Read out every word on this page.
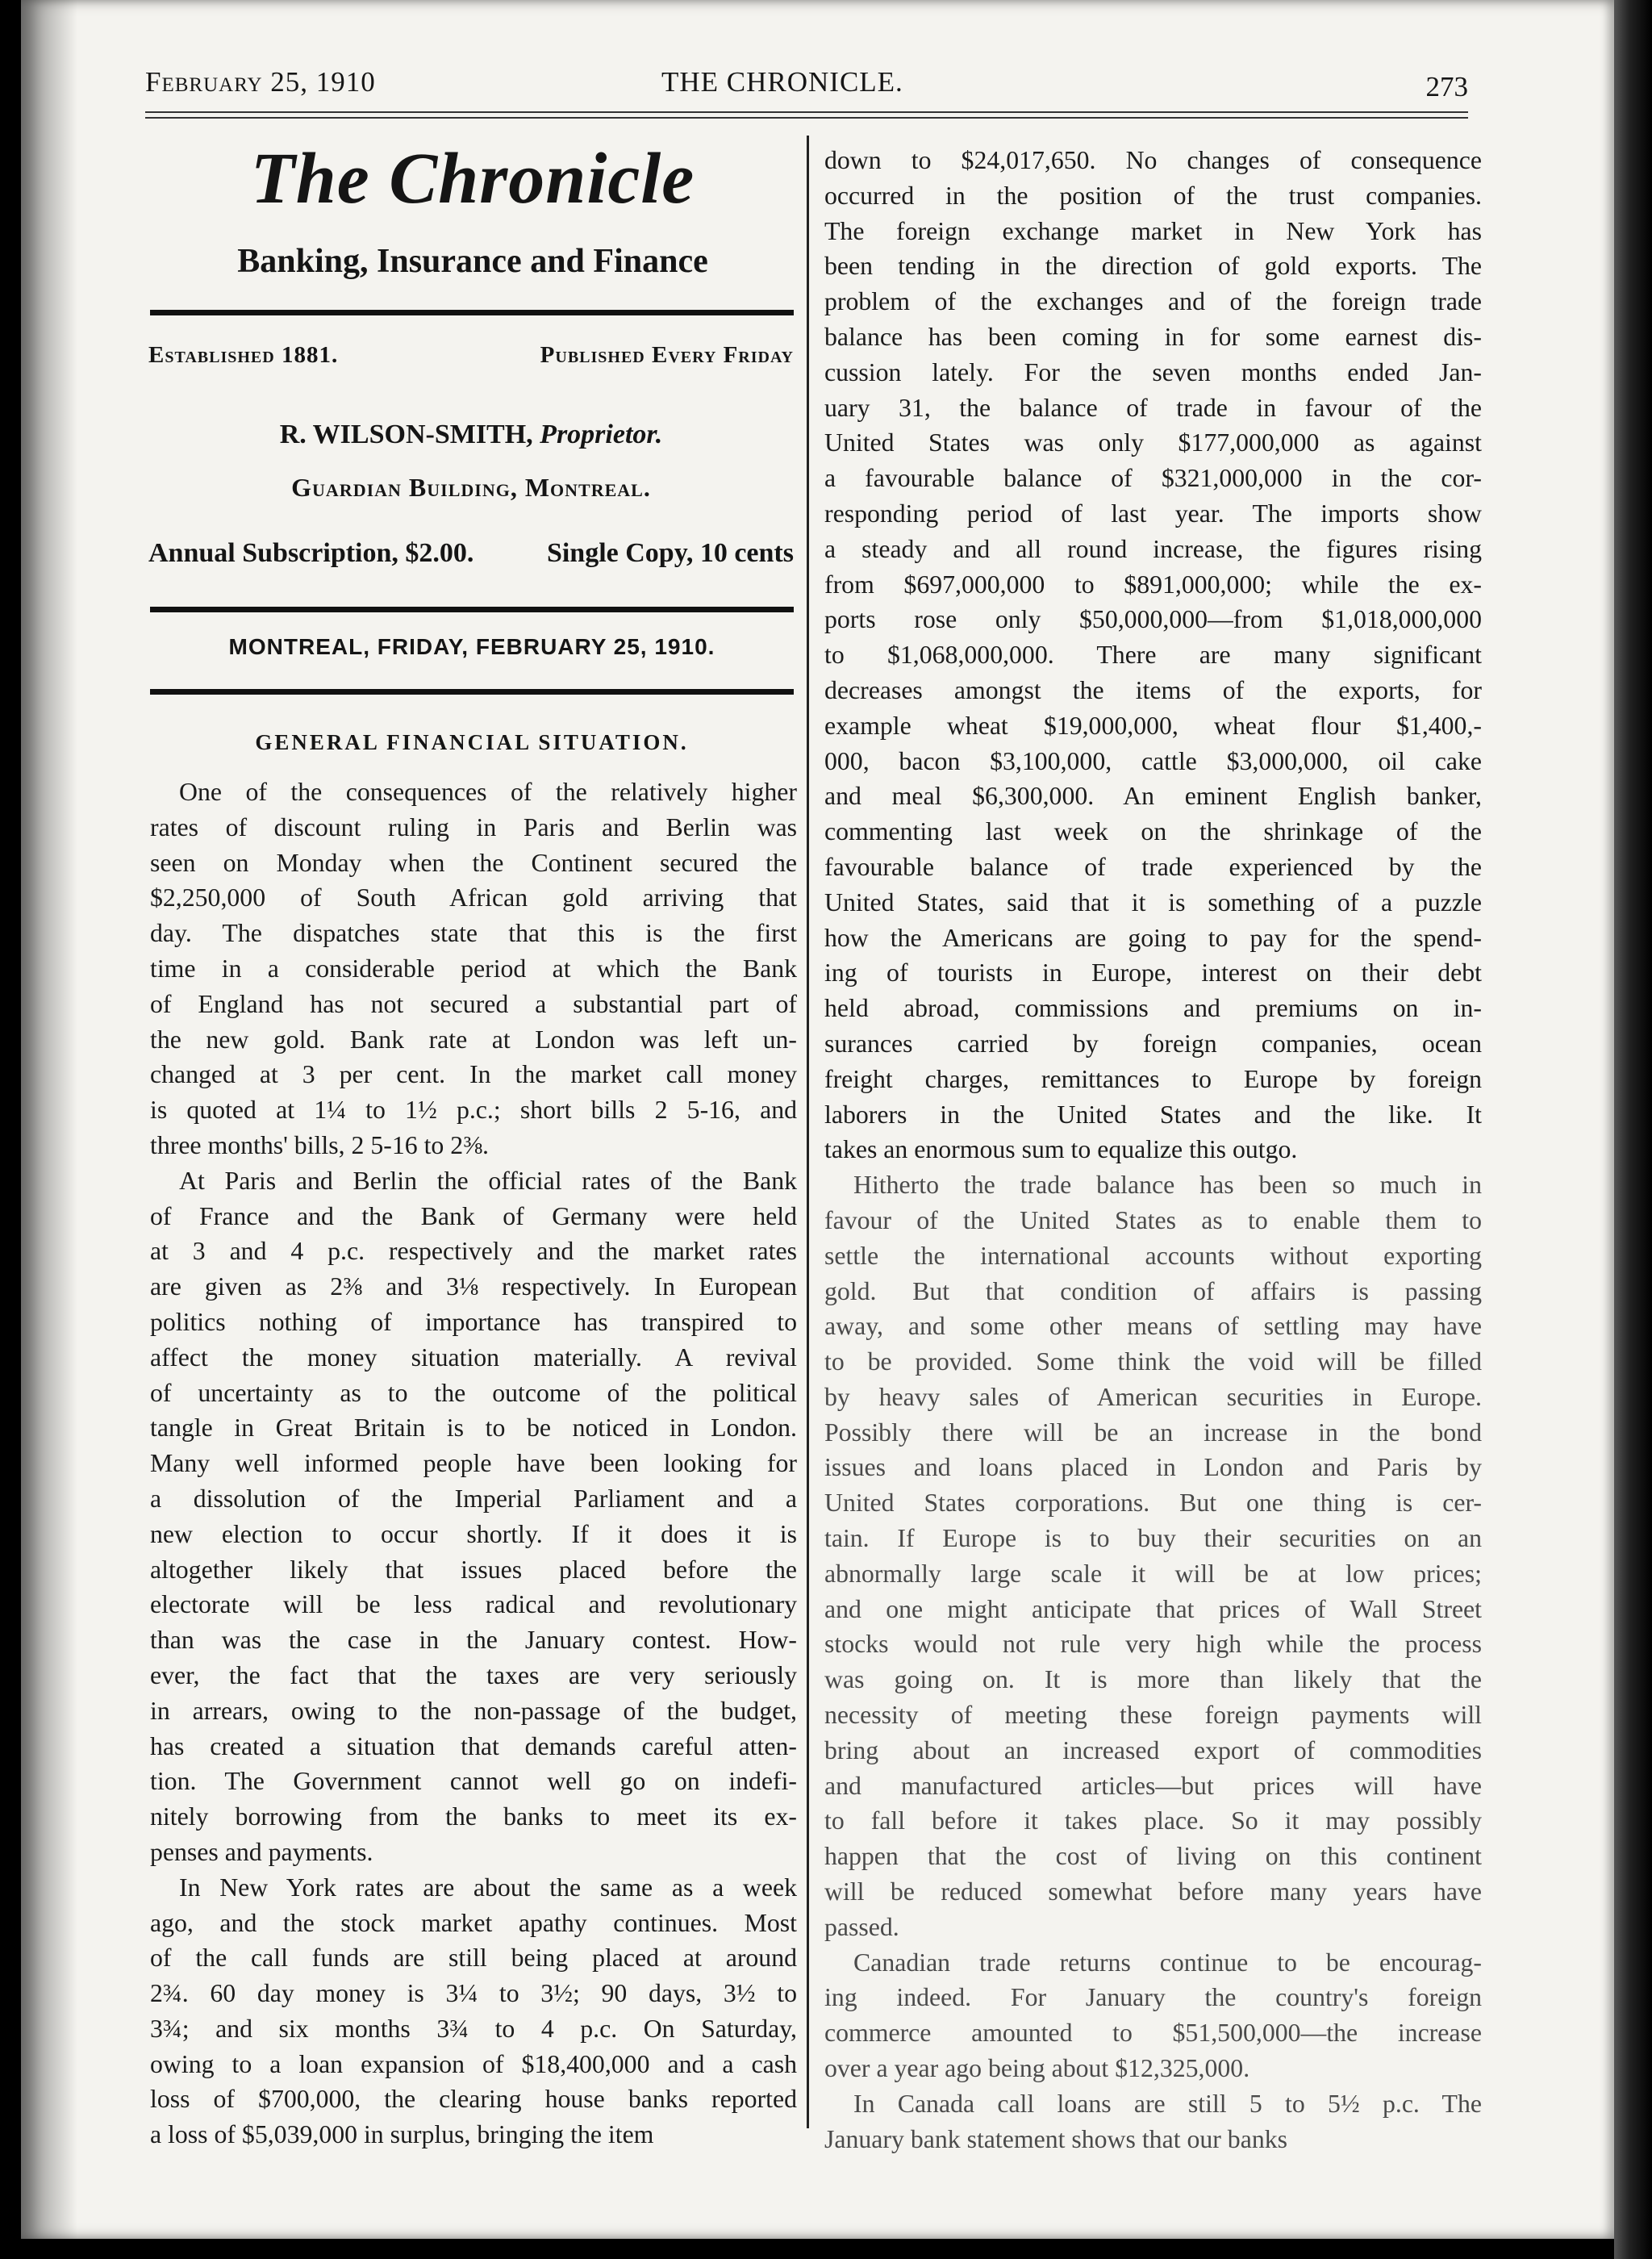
February 25, 1910	THE CHRONICLE.	273
The Chronicle
Banking, Insurance and Finance
Established 1881.	Published Every Friday
R. WILSON-SMITH, Proprietor.
Guardian Building, Montreal.
Annual Subscription, $2.00.	Single Copy, 10 cents
MONTREAL, FRIDAY, FEBRUARY 25, 1910.
GENERAL FINANCIAL SITUATION.
One of the consequences of the relatively higher
rates of discount ruling in Paris and Berlin was
seen on Monday when the Continent secured the
$2,250,000 of South African gold arriving that
day. The dispatches state that this is the first
time in a considerable period at which the Bank
of England has not secured a substantial part of
the new gold. Bank rate at London was left un-
changed at 3 per cent. In the market call money
is quoted at 1¼ to 1½ p.c.; short bills 2 5-16, and
three months' bills, 2 5-16 to 2⅜.
At Paris and Berlin the official rates of the Bank
of France and the Bank of Germany were held
at 3 and 4 p.c. respectively and the market rates
are given as 2⅜ and 3⅛ respectively. In European
politics nothing of importance has transpired to
affect the money situation materially. A revival
of uncertainty as to the outcome of the political
tangle in Great Britain is to be noticed in London.
Many well informed people have been looking for
a dissolution of the Imperial Parliament and a
new election to occur shortly. If it does it is
altogether likely that issues placed before the
electorate will be less radical and revolutionary
than was the case in the January contest. How-
ever, the fact that the taxes are very seriously
in arrears, owing to the non-passage of the budget,
has created a situation that demands careful atten-
tion. The Government cannot well go on indefi-
nitely borrowing from the banks to meet its ex-
penses and payments.
In New York rates are about the same as a week
ago, and the stock market apathy continues. Most
of the call funds are still being placed at around
2¾. 60 day money is 3¼ to 3½; 90 days, 3½ to
3¾; and six months 3¾ to 4 p.c. On Saturday,
owing to a loan expansion of $18,400,000 and a cash
loss of $700,000, the clearing house banks reported
a loss of $5,039,000 in surplus, bringing the item
down to $24,017,650. No changes of consequence
occurred in the position of the trust companies.
The foreign exchange market in New York has
been tending in the direction of gold exports. The
problem of the exchanges and of the foreign trade
balance has been coming in for some earnest dis-
cussion lately. For the seven months ended Jan-
uary 31, the balance of trade in favour of the
United States was only $177,000,000 as against
a favourable balance of $321,000,000 in the cor-
responding period of last year. The imports show
a steady and all round increase, the figures rising
from $697,000,000 to $891,000,000; while the ex-
ports rose only $50,000,000—from $1,018,000,000
to $1,068,000,000. There are many significant
decreases amongst the items of the exports, for
example wheat $19,000,000, wheat flour $1,400,-
000, bacon $3,100,000, cattle $3,000,000, oil cake
and meal $6,300,000. An eminent English banker,
commenting last week on the shrinkage of the
favourable balance of trade experienced by the
United States, said that it is something of a puzzle
how the Americans are going to pay for the spend-
ing of tourists in Europe, interest on their debt
held abroad, commissions and premiums on in-
surances carried by foreign companies, ocean
freight charges, remittances to Europe by foreign
laborers in the United States and the like. It
takes an enormous sum to equalize this outgo.
Hitherto the trade balance has been so much in
favour of the United States as to enable them to
settle the international accounts without exporting
gold. But that condition of affairs is passing
away, and some other means of settling may have
to be provided. Some think the void will be filled
by heavy sales of American securities in Europe.
Possibly there will be an increase in the bond
issues and loans placed in London and Paris by
United States corporations. But one thing is cer-
tain. If Europe is to buy their securities on an
abnormally large scale it will be at low prices;
and one might anticipate that prices of Wall Street
stocks would not rule very high while the process
was going on. It is more than likely that the
necessity of meeting these foreign payments will
bring about an increased export of commodities
and manufactured articles—but prices will have
to fall before it takes place. So it may possibly
happen that the cost of living on this continent
will be reduced somewhat before many years have
passed.
Canadian trade returns continue to be encourag-
ing indeed. For January the country's foreign
commerce amounted to $51,500,000—the increase
over a year ago being about $12,325,000.
In Canada call loans are still 5 to 5½ p.c. The
January bank statement shows that our banks
